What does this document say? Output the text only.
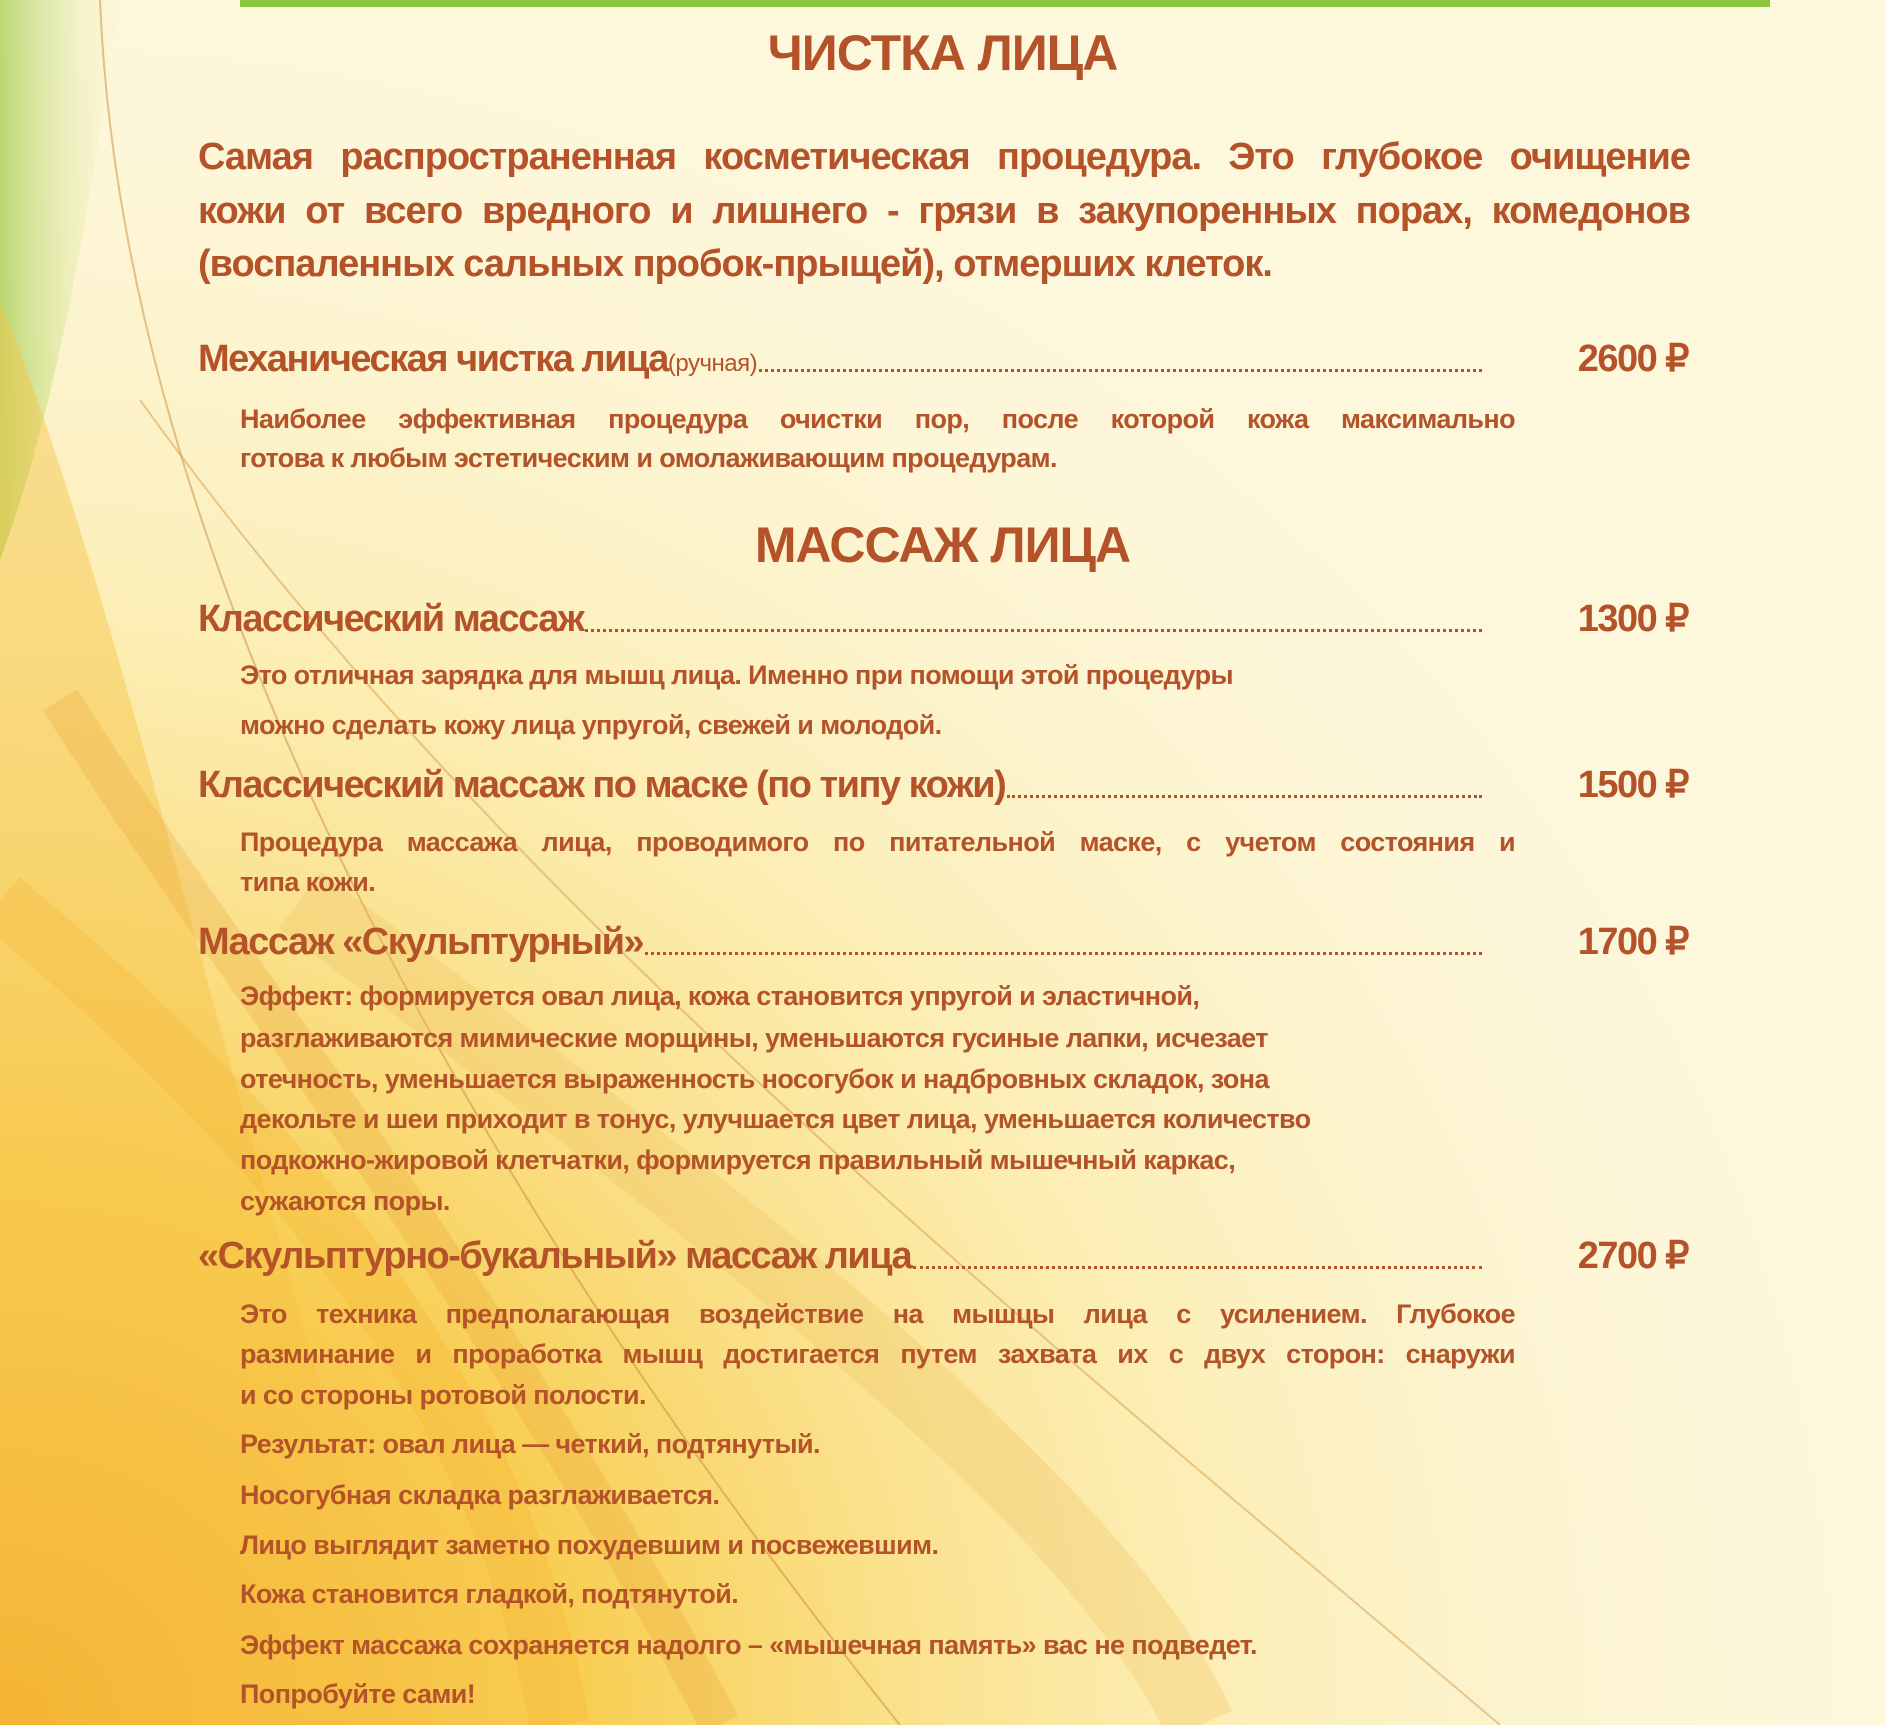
ЧИСТКА ЛИЦА
Самая распространенная косметическая процедура. Это глубокое очищение
кожи от всего вредного и лишнего - грязи в закупоренных порах, комедонов
(воспаленных сальных пробок-прыщей), отмерших клеток.
Механическая чистка лица (ручная)	2600 ₽
Наиболее эффективная процедура очистки пор, после которой кожа максимально
готова к любым эстетическим и омолаживающим процедурам.
МАССАЖ ЛИЦА
Классический массаж	1300 ₽
Это отличная зарядка для мышц лица. Именно при помощи этой процедуры
можно сделать кожу лица упругой, свежей и молодой.
Классический массаж по маске (по типу кожи)	1500 ₽
Процедура массажа лица, проводимого по питательной маске, с учетом состояния и
типа кожи.
Массаж «Скульптурный»	1700 ₽
Эффект: формируется овал лица, кожа становится упругой и эластичной,
разглаживаются мимические морщины, уменьшаются гусиные лапки, исчезает
отечность, уменьшается выраженность носогубок и надбровных складок, зона
декольте и шеи приходит в тонус, улучшается цвет лица, уменьшается количество
подкожно-жировой клетчатки, формируется правильный мышечный каркас,
сужаются поры.
«Скульптурно-букальный» массаж лица	2700 ₽
Это техника предполагающая воздействие на мышцы лица с усилением. Глубокое
разминание и проработка мышц достигается путем захвата их с двух сторон: снаружи
и со стороны ротовой полости.
Результат: овал лица — четкий, подтянутый.
Носогубная складка разглаживается.
Лицо выглядит заметно похудевшим и посвежевшим.
Кожа становится гладкой, подтянутой.
Эффект массажа сохраняется надолго – «мышечная память» вас не подведет.
Попробуйте сами!
